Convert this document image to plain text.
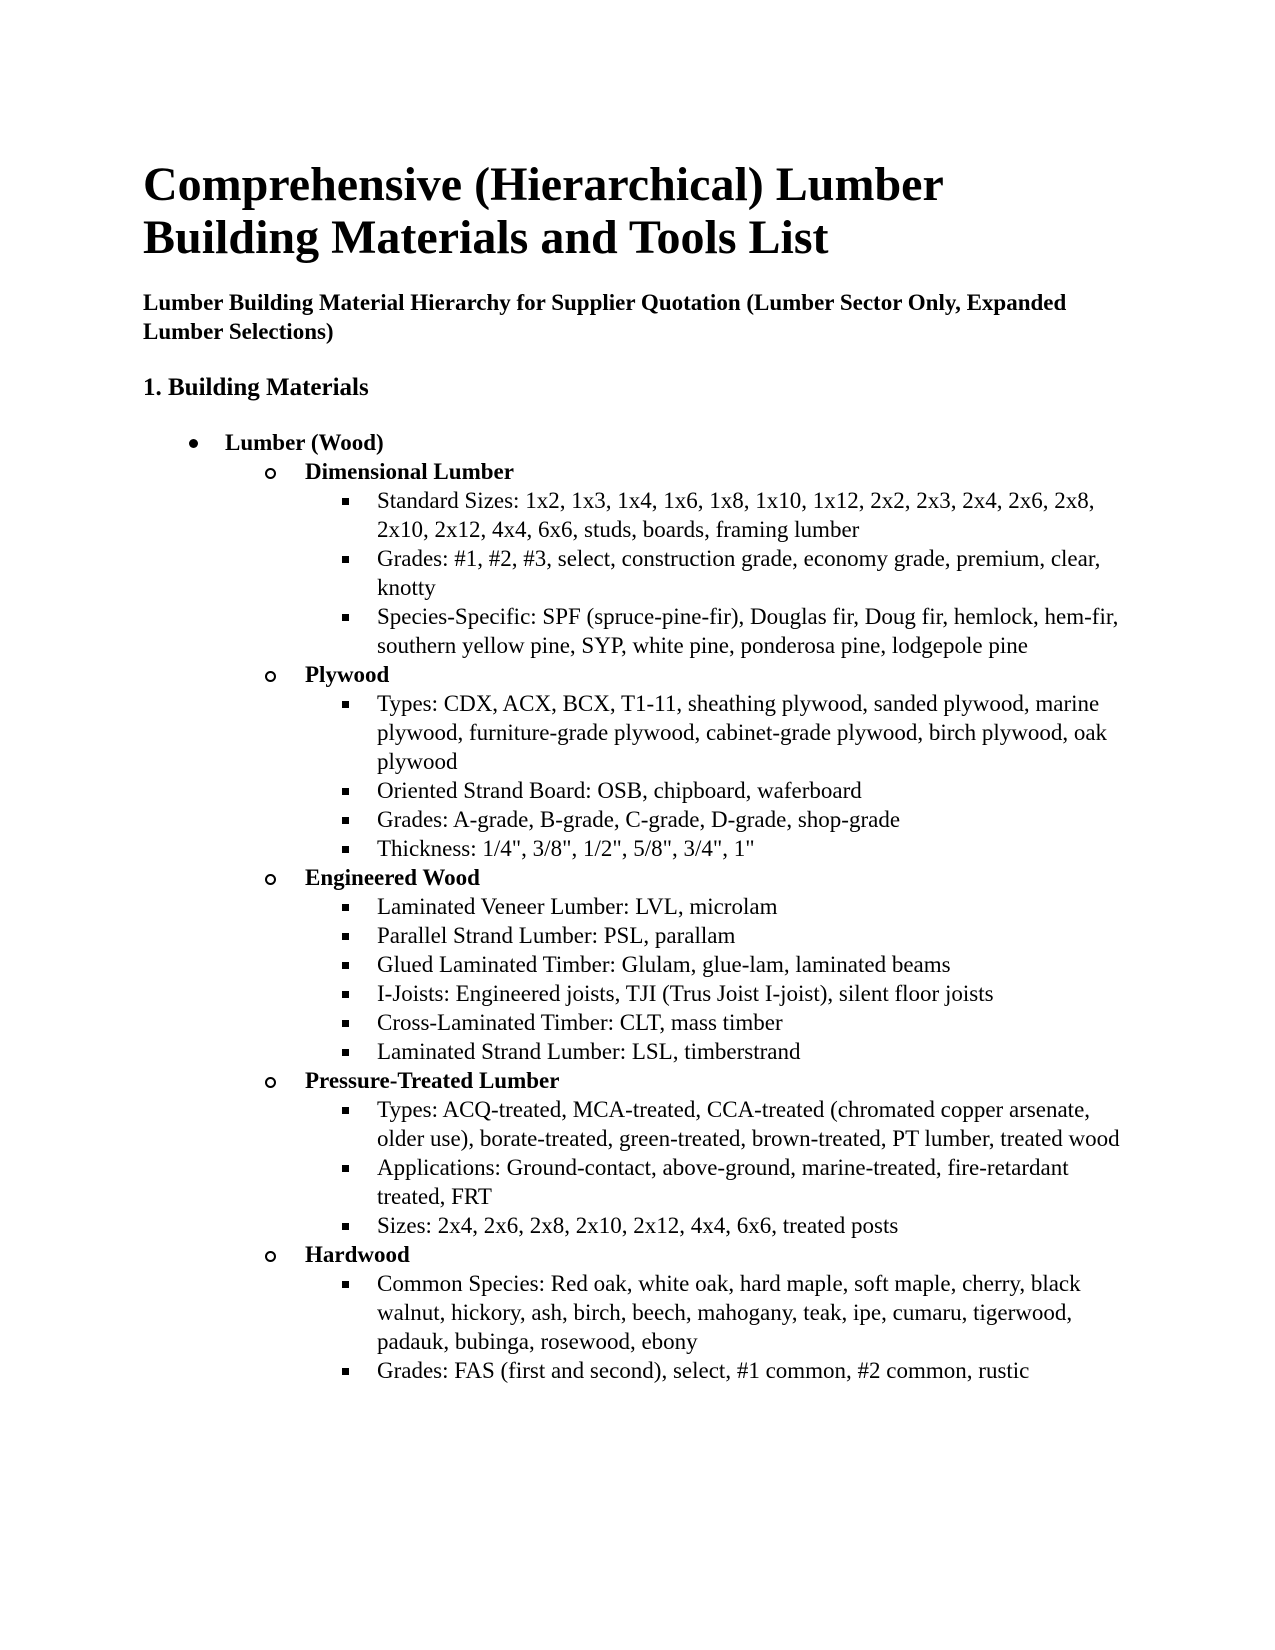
Comprehensive (Hierarchical) Lumber Building Materials and Tools List

Lumber Building Material Hierarchy for Supplier Quotation (Lumber Sector Only, Expanded Lumber Selections)

1. Building Materials
Lumber (Wood)
Dimensional Lumber
Standard Sizes: 1x2, 1x3, 1x4, 1x6, 1x8, 1x10, 1x12, 2x2, 2x3, 2x4, 2x6, 2x8, 2x10, 2x12, 4x4, 6x6, studs, boards, framing lumber
Grades: #1, #2, #3, select, construction grade, economy grade, premium, clear, knotty
Species-Specific: SPF (spruce-pine-fir), Douglas fir, Doug fir, hemlock, hem-fir, southern yellow pine, SYP, white pine, ponderosa pine, lodgepole pine
Plywood
Types: CDX, ACX, BCX, T1-11, sheathing plywood, sanded plywood, marine plywood, furniture-grade plywood, cabinet-grade plywood, birch plywood, oak plywood
Oriented Strand Board: OSB, chipboard, waferboard
Grades: A-grade, B-grade, C-grade, D-grade, shop-grade
Thickness: 1/4", 3/8", 1/2", 5/8", 3/4", 1"
Engineered Wood
Laminated Veneer Lumber: LVL, microlam
Parallel Strand Lumber: PSL, parallam
Glued Laminated Timber: Glulam, glue-lam, laminated beams
I-Joists: Engineered joists, TJI (Trus Joist I-joist), silent floor joists
Cross-Laminated Timber: CLT, mass timber
Laminated Strand Lumber: LSL, timberstrand
Pressure-Treated Lumber
Types: ACQ-treated, MCA-treated, CCA-treated (chromated copper arsenate, older use), borate-treated, green-treated, brown-treated, PT lumber, treated wood
Applications: Ground-contact, above-ground, marine-treated, fire-retardant treated, FRT
Sizes: 2x4, 2x6, 2x8, 2x10, 2x12, 4x4, 6x6, treated posts
Hardwood
Common Species: Red oak, white oak, hard maple, soft maple, cherry, black walnut, hickory, ash, birch, beech, mahogany, teak, ipe, cumaru, tigerwood, padauk, bubinga, rosewood, ebony
Grades: FAS (first and second), select, #1 common, #2 common, rustic
